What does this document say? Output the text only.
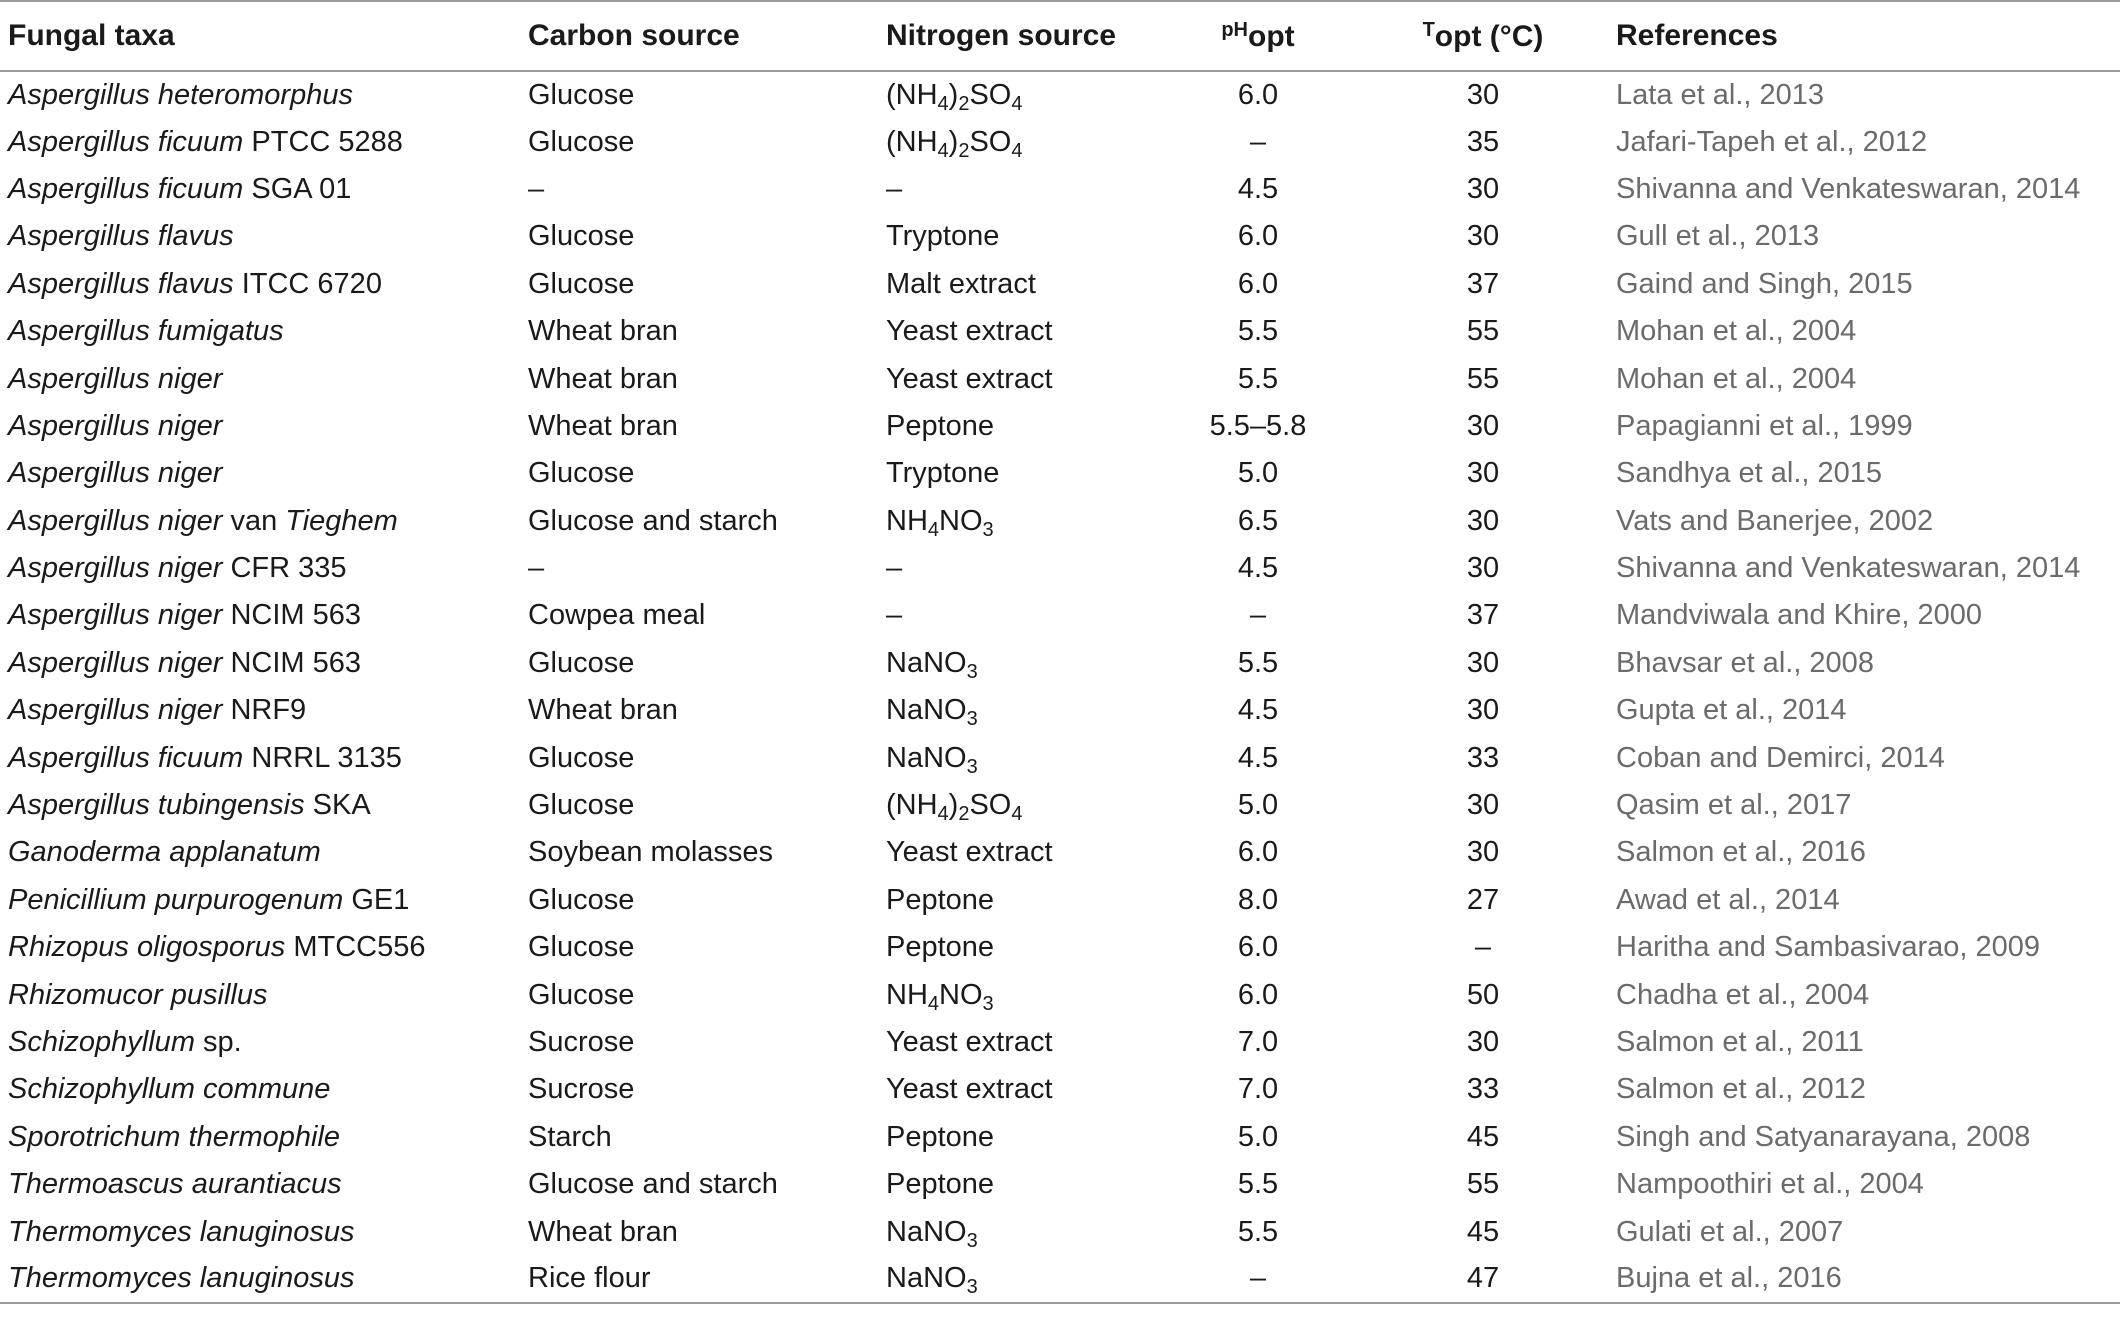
Fungal taxa	Carbon source	Nitrogen source	$^{pH}$opt	$^T$opt (°C)	References
Aspergillus heteromorphus	Glucose	$(NH_4)_2SO_4$	6.0	30	Lata et al., 2013
Aspergillus ficuum PTCC 5288	Glucose	$(NH_4)_2SO_4$	–	35	Jafari-Tapeh et al., 2012
Aspergillus ficuum SGA 01	–	–	4.5	30	Shivanna and Venkateswaran, 2014
Aspergillus flavus	Glucose	Tryptone	6.0	30	Gull et al., 2013
Aspergillus flavus ITCC 6720	Glucose	Malt extract	6.0	37	Gaind and Singh, 2015
Aspergillus fumigatus	Wheat bran	Yeast extract	5.5	55	Mohan et al., 2004
Aspergillus niger	Wheat bran	Yeast extract	5.5	55	Mohan et al., 2004
Aspergillus niger	Wheat bran	Peptone	5.5–5.8	30	Papagianni et al., 1999
Aspergillus niger	Glucose	Tryptone	5.0	30	Sandhya et al., 2015
Aspergillus niger van Tieghem	Glucose and starch	$NH_4NO_3$	6.5	30	Vats and Banerjee, 2002
Aspergillus niger CFR 335	–	–	4.5	30	Shivanna and Venkateswaran, 2014
Aspergillus niger NCIM 563	Cowpea meal	–	–	37	Mandviwala and Khire, 2000
Aspergillus niger NCIM 563	Glucose	NaNO$_3$	5.5	30	Bhavsar et al., 2008
Aspergillus niger NRF9	Wheat bran	NaNO$_3$	4.5	30	Gupta et al., 2014
Aspergillus ficuum NRRL 3135	Glucose	NaNO$_3$	4.5	33	Coban and Demirci, 2014
Aspergillus tubingensis SKA	Glucose	$(NH_4)_2SO_4$	5.0	30	Qasim et al., 2017
Ganoderma applanatum	Soybean molasses	Yeast extract	6.0	30	Salmon et al., 2016
Penicillium purpurogenum GE1	Glucose	Peptone	8.0	27	Awad et al., 2014
Rhizopus oligosporus MTCC556	Glucose	Peptone	6.0	–	Haritha and Sambasivarao, 2009
Rhizomucor pusillus	Glucose	$NH_4NO_3$	6.0	50	Chadha et al., 2004
Schizophyllum sp.	Sucrose	Yeast extract	7.0	30	Salmon et al., 2011
Schizophyllum commune	Sucrose	Yeast extract	7.0	33	Salmon et al., 2012
Sporotrichum thermophile	Starch	Peptone	5.0	45	Singh and Satyanarayana, 2008
Thermoascus aurantiacus	Glucose and starch	Peptone	5.5	55	Nampoothiri et al., 2004
Thermomyces lanuginosus	Wheat bran	NaNO$_3$	5.5	45	Gulati et al., 2007
Thermomyces lanuginosus	Rice flour	NaNO$_3$	–	47	Bujna et al., 2016
